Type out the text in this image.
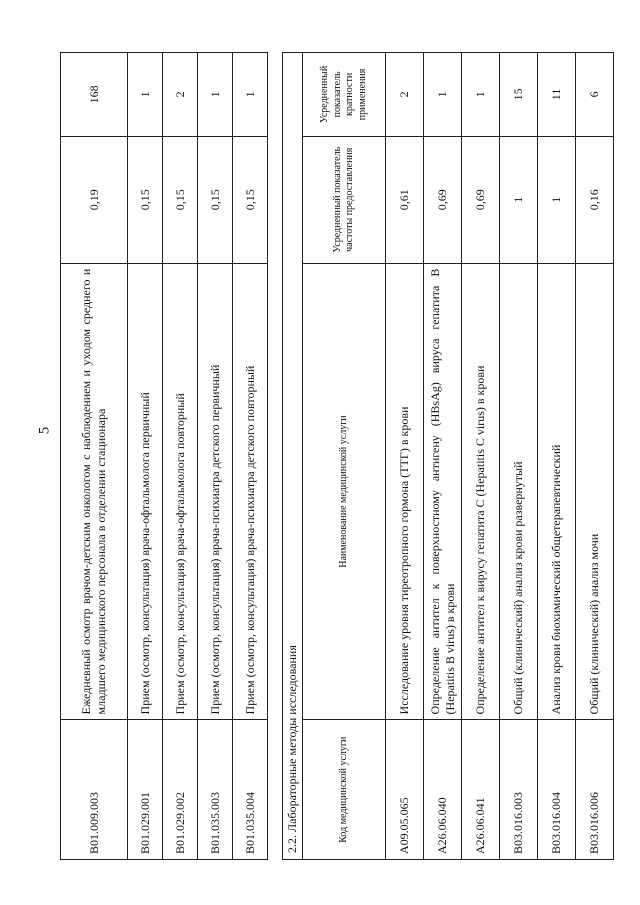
5
B01.009.003	Ежедневный осмотр врачом-детским онкологом с наблюдением и уходом среднего и младшего медицинского персонала в отделении стационара	0,19	168
B01.029.001	Прием (осмотр, консультация) врача-офтальмолога первичный	0,15	1
B01.029.002	Прием (осмотр, консультация) врача-офтальмолога повторный	0,15	2
B01.035.003	Прием (осмотр, консультация) врача-психиатра детского первичный	0,15	1
B01.035.004	Прием (осмотр, консультация) врача-психиатра детского повторный	0,15	1
2.2. Лабораторные методы исследования			
Код медицинской услуги	Наименование медицинской услуги	Усредненный показатель частоты предоставления	Усредненный показатель кратности применения
A09.05.065	Исследование уровня тиреотропного гормона (ТТГ) в крови	0,61	2
A26.06.040	Определение антител к поверхностному антигену (HBsAg) вируса гепатита B (Hepatitis B virus) в крови	0,69	1
A26.06.041	Определение антител к вирусу гепатита C (Hepatitis C virus) в крови	0,69	1
B03.016.003	Общий (клинический) анализ крови развернутый	1	15
B03.016.004	Анализ крови биохимический общетерапевтический	1	11
B03.016.006	Общий (клинический) анализ мочи	0,16	6
